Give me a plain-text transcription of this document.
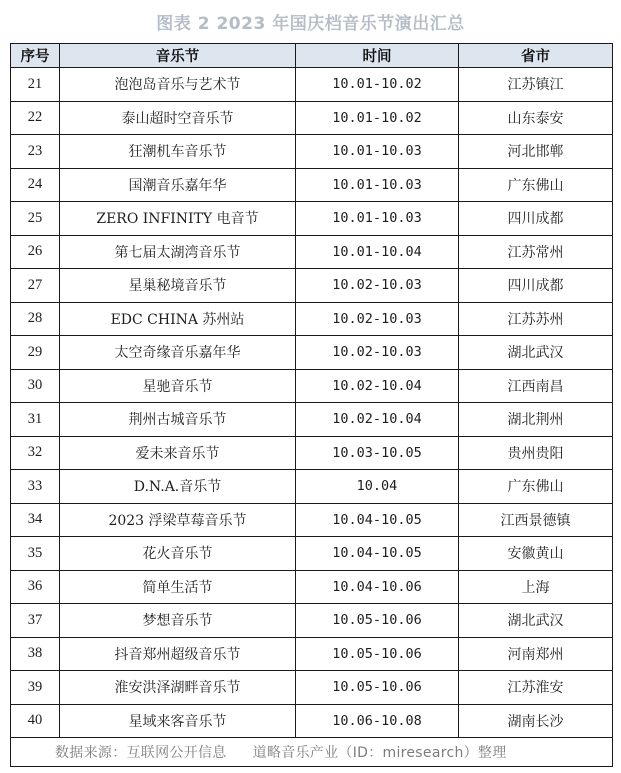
图表 2 2023 年国庆档音乐节演出汇总
序号	音乐节	时间	省市
21	泡泡岛音乐与艺术节	10.01-10.02	江苏镇江
22	泰山超时空音乐节	10.01-10.02	山东泰安
23	狂潮机车音乐节	10.01-10.03	河北邯郸
24	国潮音乐嘉年华	10.01-10.03	广东佛山
25	ZERO INFINITY 电音节	10.01-10.03	四川成都
26	第七届太湖湾音乐节	10.01-10.04	江苏常州
27	星巢秘境音乐节	10.02-10.03	四川成都
28	EDC CHINA 苏州站	10.02-10.03	江苏苏州
29	太空奇缘音乐嘉年华	10.02-10.03	湖北武汉
30	星驰音乐节	10.02-10.04	江西南昌
31	荆州古城音乐节	10.02-10.04	湖北荆州
32	爱未来音乐节	10.03-10.05	贵州贵阳
33	D.N.A.音乐节	10.04	广东佛山
34	2023 浮梁草莓音乐节	10.04-10.05	江西景德镇
35	花火音乐节	10.04-10.05	安徽黄山
36	简单生活节	10.04-10.06	上海
37	梦想音乐节	10.05-10.06	湖北武汉
38	抖音郑州超级音乐节	10.05-10.06	河南郑州
39	淮安洪泽湖畔音乐节	10.05-10.06	江苏淮安
40	星域来客音乐节	10.06-10.08	湖南长沙
数据来源：互联网公开信息 道略音乐产业（ID：miresearch）整理			
